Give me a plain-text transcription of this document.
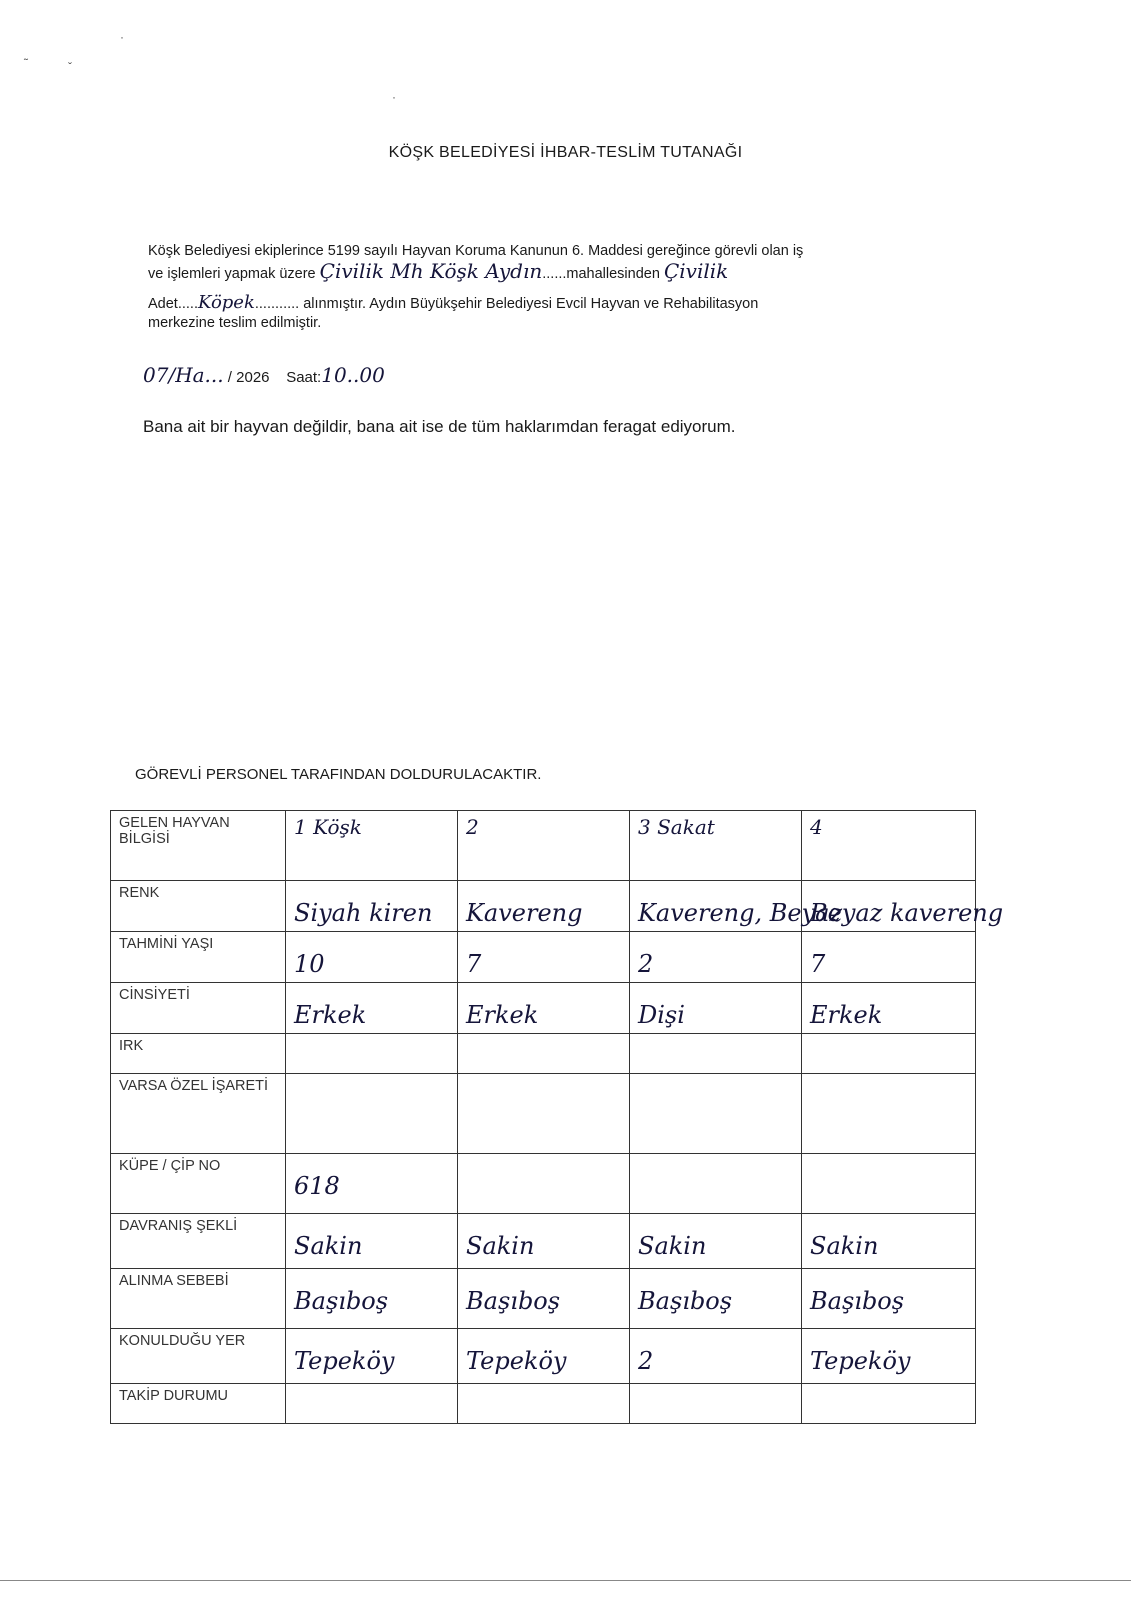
·
˜	ˇ
·
KÖŞK BELEDİYESİ İHBAR-TESLİM TUTANAĞI
Köşk Belediyesi ekiplerince 5199 sayılı Hayvan Koruma Kanunun 6. Maddesi gereğince görevli olan iş
ve işlemleri yapmak üzere Çivilik Mh Köşk Aydın......mahallesinden Çivilik
Adet.....Köpek........... alınmıştır. Aydın Büyükşehir Belediyesi Evcil Hayvan ve Rehabilitasyon
merkezine teslim edilmiştir.
07/Ha... / 2026 Saat:10..00
Bana ait bir hayvan değildir, bana ait ise de tüm haklarımdan feragat ediyorum.
GÖREVLİ PERSONEL TARAFINDAN DOLDURULACAKTIR.
GELEN HAYVAN BİLGİSİ	1 Köşk	2	3 Sakat	4

RENK	Siyah kiren	Kavereng	Kavereng, Beyaz	Beyaz kavereng

TAHMİNİ YAŞI	10	7	2	7

CİNSİYETİ	Erkek	Erkek	Dişi	Erkek

IRK	

VARSA ÖZEL İŞARETİ	

KÜPE / ÇİP NO	618			

DAVRANIŞ ŞEKLİ	Sakin	Sakin	Sakin	Sakin

ALINMA SEBEBİ	Başıboş	Başıboş	Başıboş	Başıboş

KONULDUĞU YER	Tepeköy	Tepeköy	2	Tepeköy

TAKİP DURUMU	
